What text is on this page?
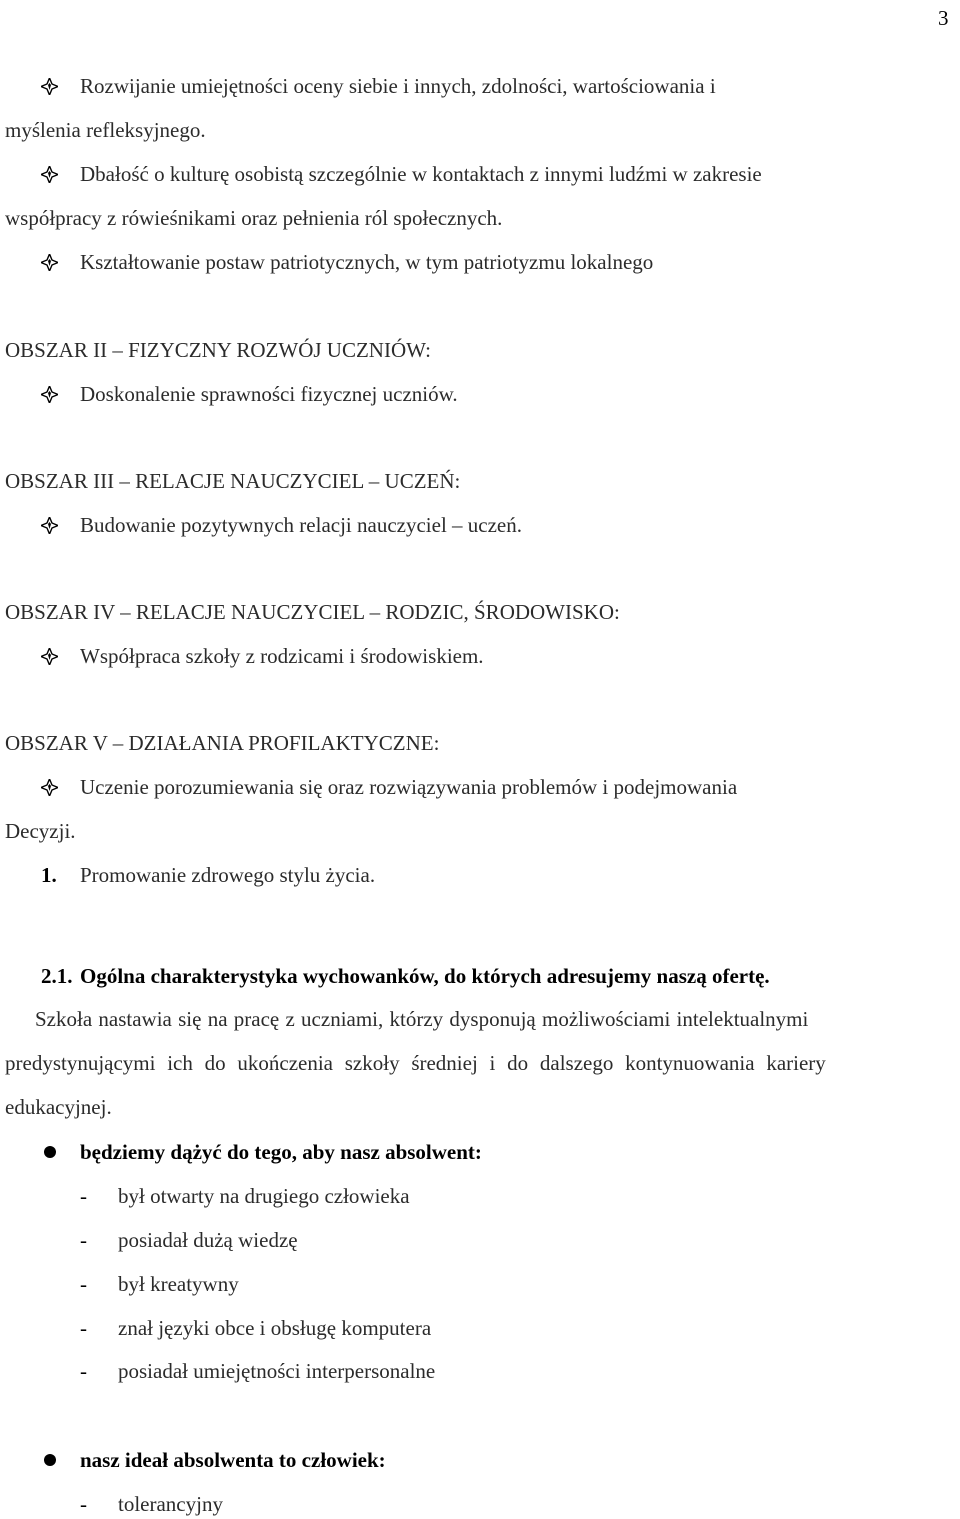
3
Rozwijanie umiejętności oceny siebie i innych, zdolności, wartościowania i
myślenia refleksyjnego.
Dbałość o kulturę osobistą szczególnie w kontaktach z innymi ludźmi w zakresie
współpracy z rówieśnikami oraz pełnienia ról społecznych.
Kształtowanie postaw patriotycznych, w tym patriotyzmu lokalnego
OBSZAR II – FIZYCZNY ROZWÓJ UCZNIÓW:
Doskonalenie sprawności fizycznej uczniów.
OBSZAR III – RELACJE NAUCZYCIEL – UCZEŃ:
Budowanie pozytywnych relacji nauczyciel – uczeń.
OBSZAR IV – RELACJE NAUCZYCIEL – RODZIC, ŚRODOWISKO:
Współpraca szkoły z rodzicami i środowiskiem.
OBSZAR V – DZIAŁANIA PROFILAKTYCZNE:
Uczenie porozumiewania się oraz rozwiązywania problemów i podejmowania
Decyzji.
1. Promowanie zdrowego stylu życia.
2.1. Ogólna charakterystyka wychowanków, do których adresujemy naszą ofertę.
Szkoła nastawia się na pracę z uczniami, którzy dysponują możliwościami intelektualnymi
predystynującymi ich do ukończenia szkoły średniej i do dalszego kontynuowania kariery
edukacyjnej.
będziemy dążyć do tego, aby nasz absolwent:
- był otwarty na drugiego człowieka
- posiadał dużą wiedzę
- był kreatywny
- znał języki obce i obsługę komputera
- posiadał umiejętności interpersonalne
nasz ideał absolwenta to człowiek:
- tolerancyjny
